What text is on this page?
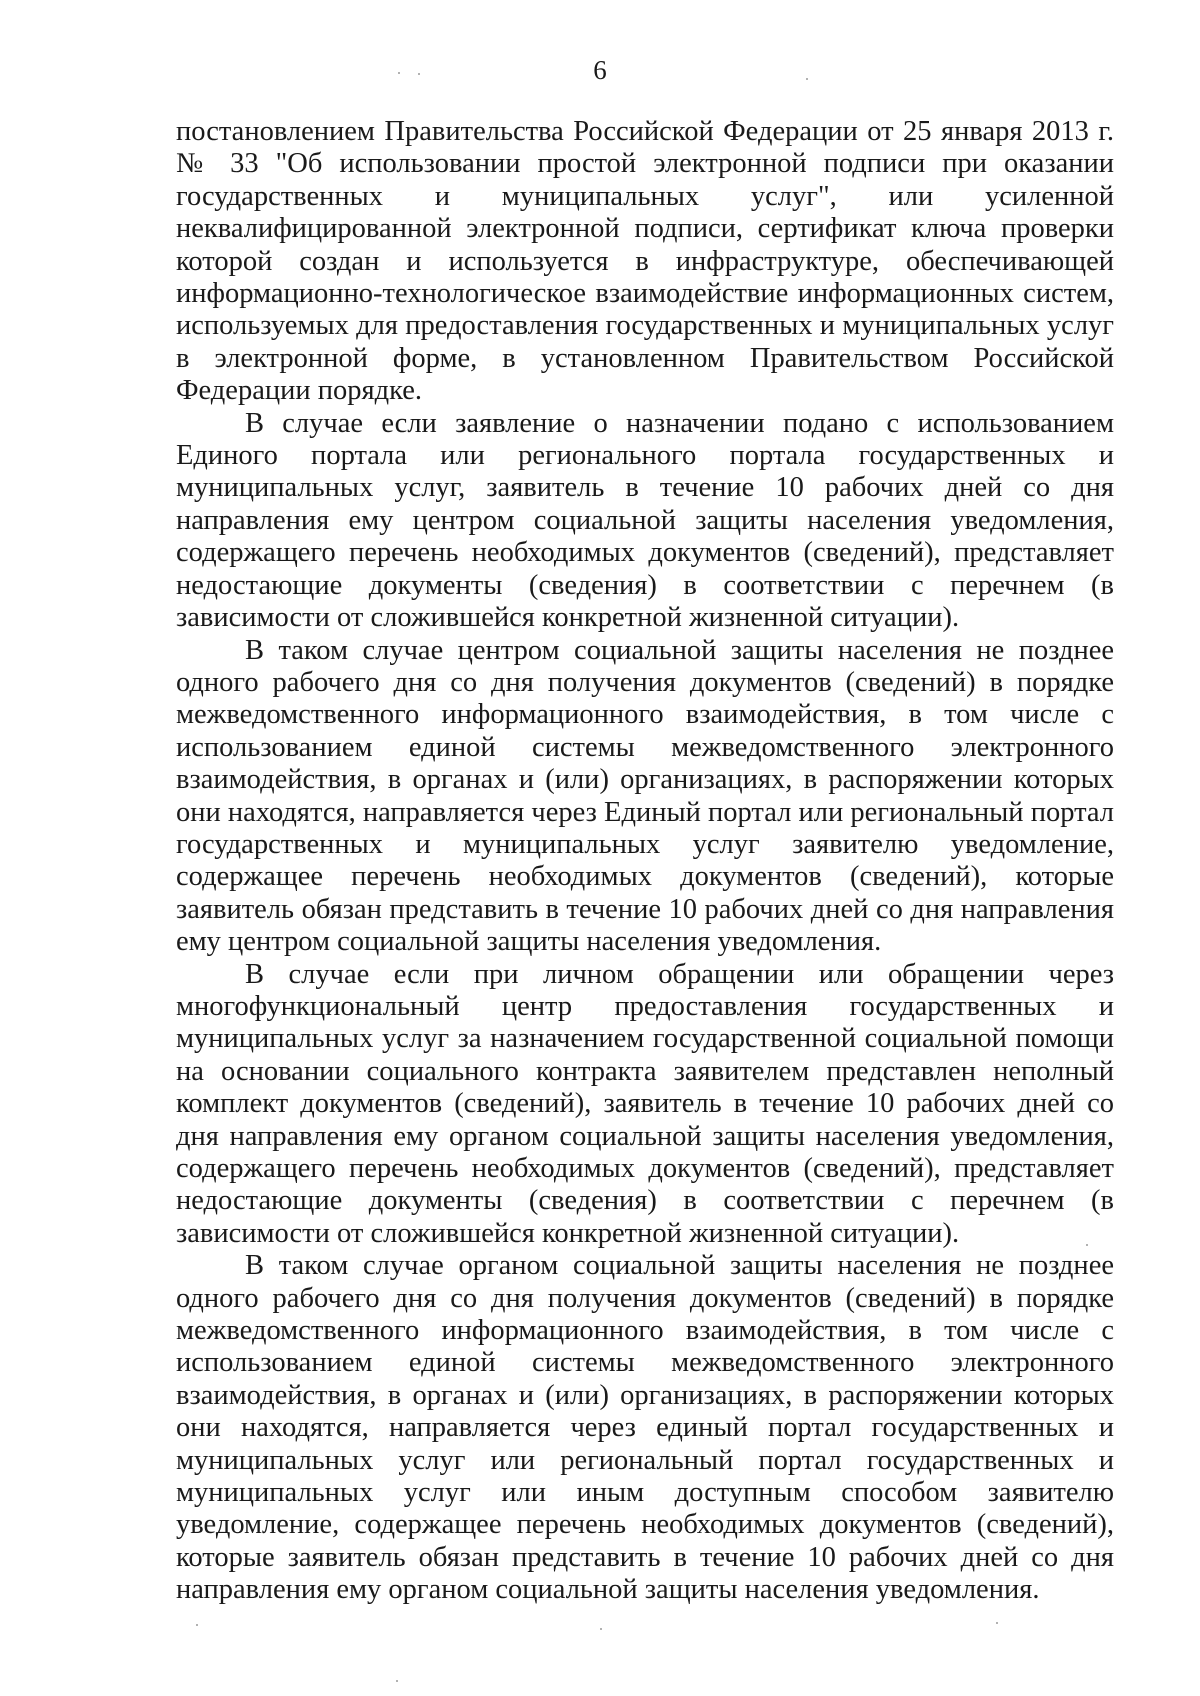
6

постановлением Правительства Российской Федерации от 25 января 2013 г. № 33 "Об использовании простой электронной подписи при оказании государственных и муниципальных услуг", или усиленной неквалифицированной электронной подписи, сертификат ключа проверки которой создан и используется в инфраструктуре, обеспечивающей информационно-технологическое взаимодействие информационных систем, используемых для предоставления государственных и муниципальных услуг в электронной форме, в установленном Правительством Российской Федерации порядке.

В случае если заявление о назначении подано с использованием Единого портала или регионального портала государственных и муниципальных услуг, заявитель в течение 10 рабочих дней со дня направления ему центром социальной защиты населения уведомления, содержащего перечень необходимых документов (сведений), представляет недостающие документы (сведения) в соответствии с перечнем (в зависимости от сложившейся конкретной жизненной ситуации).

В таком случае центром социальной защиты населения не позднее одного рабочего дня со дня получения документов (сведений) в порядке межведомственного информационного взаимодействия, в том числе с использованием единой системы межведомственного электронного взаимодействия, в органах и (или) организациях, в распоряжении которых они находятся, направляется через Единый портал или региональный портал государственных и муниципальных услуг заявителю уведомление, содержащее перечень необходимых документов (сведений), которые заявитель обязан представить в течение 10 рабочих дней со дня направления ему центром социальной защиты населения уведомления.

В случае если при личном обращении или обращении через многофункциональный центр предоставления государственных и муниципальных услуг за назначением государственной социальной помощи на основании социального контракта заявителем представлен неполный комплект документов (сведений), заявитель в течение 10 рабочих дней со дня направления ему органом социальной защиты населения уведомления, содержащего перечень необходимых документов (сведений), представляет недостающие документы (сведения) в соответствии с перечнем (в зависимости от сложившейся конкретной жизненной ситуации).

В таком случае органом социальной защиты населения не позднее одного рабочего дня со дня получения документов (сведений) в порядке межведомственного информационного взаимодействия, в том числе с использованием единой системы межведомственного электронного взаимодействия, в органах и (или) организациях, в распоряжении которых они находятся, направляется через единый портал государственных и муниципальных услуг или региональный портал государственных и муниципальных услуг или иным доступным способом заявителю уведомление, содержащее перечень необходимых документов (сведений), которые заявитель обязан представить в течение 10 рабочих дней со дня направления ему органом социальной защиты населения уведомления.
